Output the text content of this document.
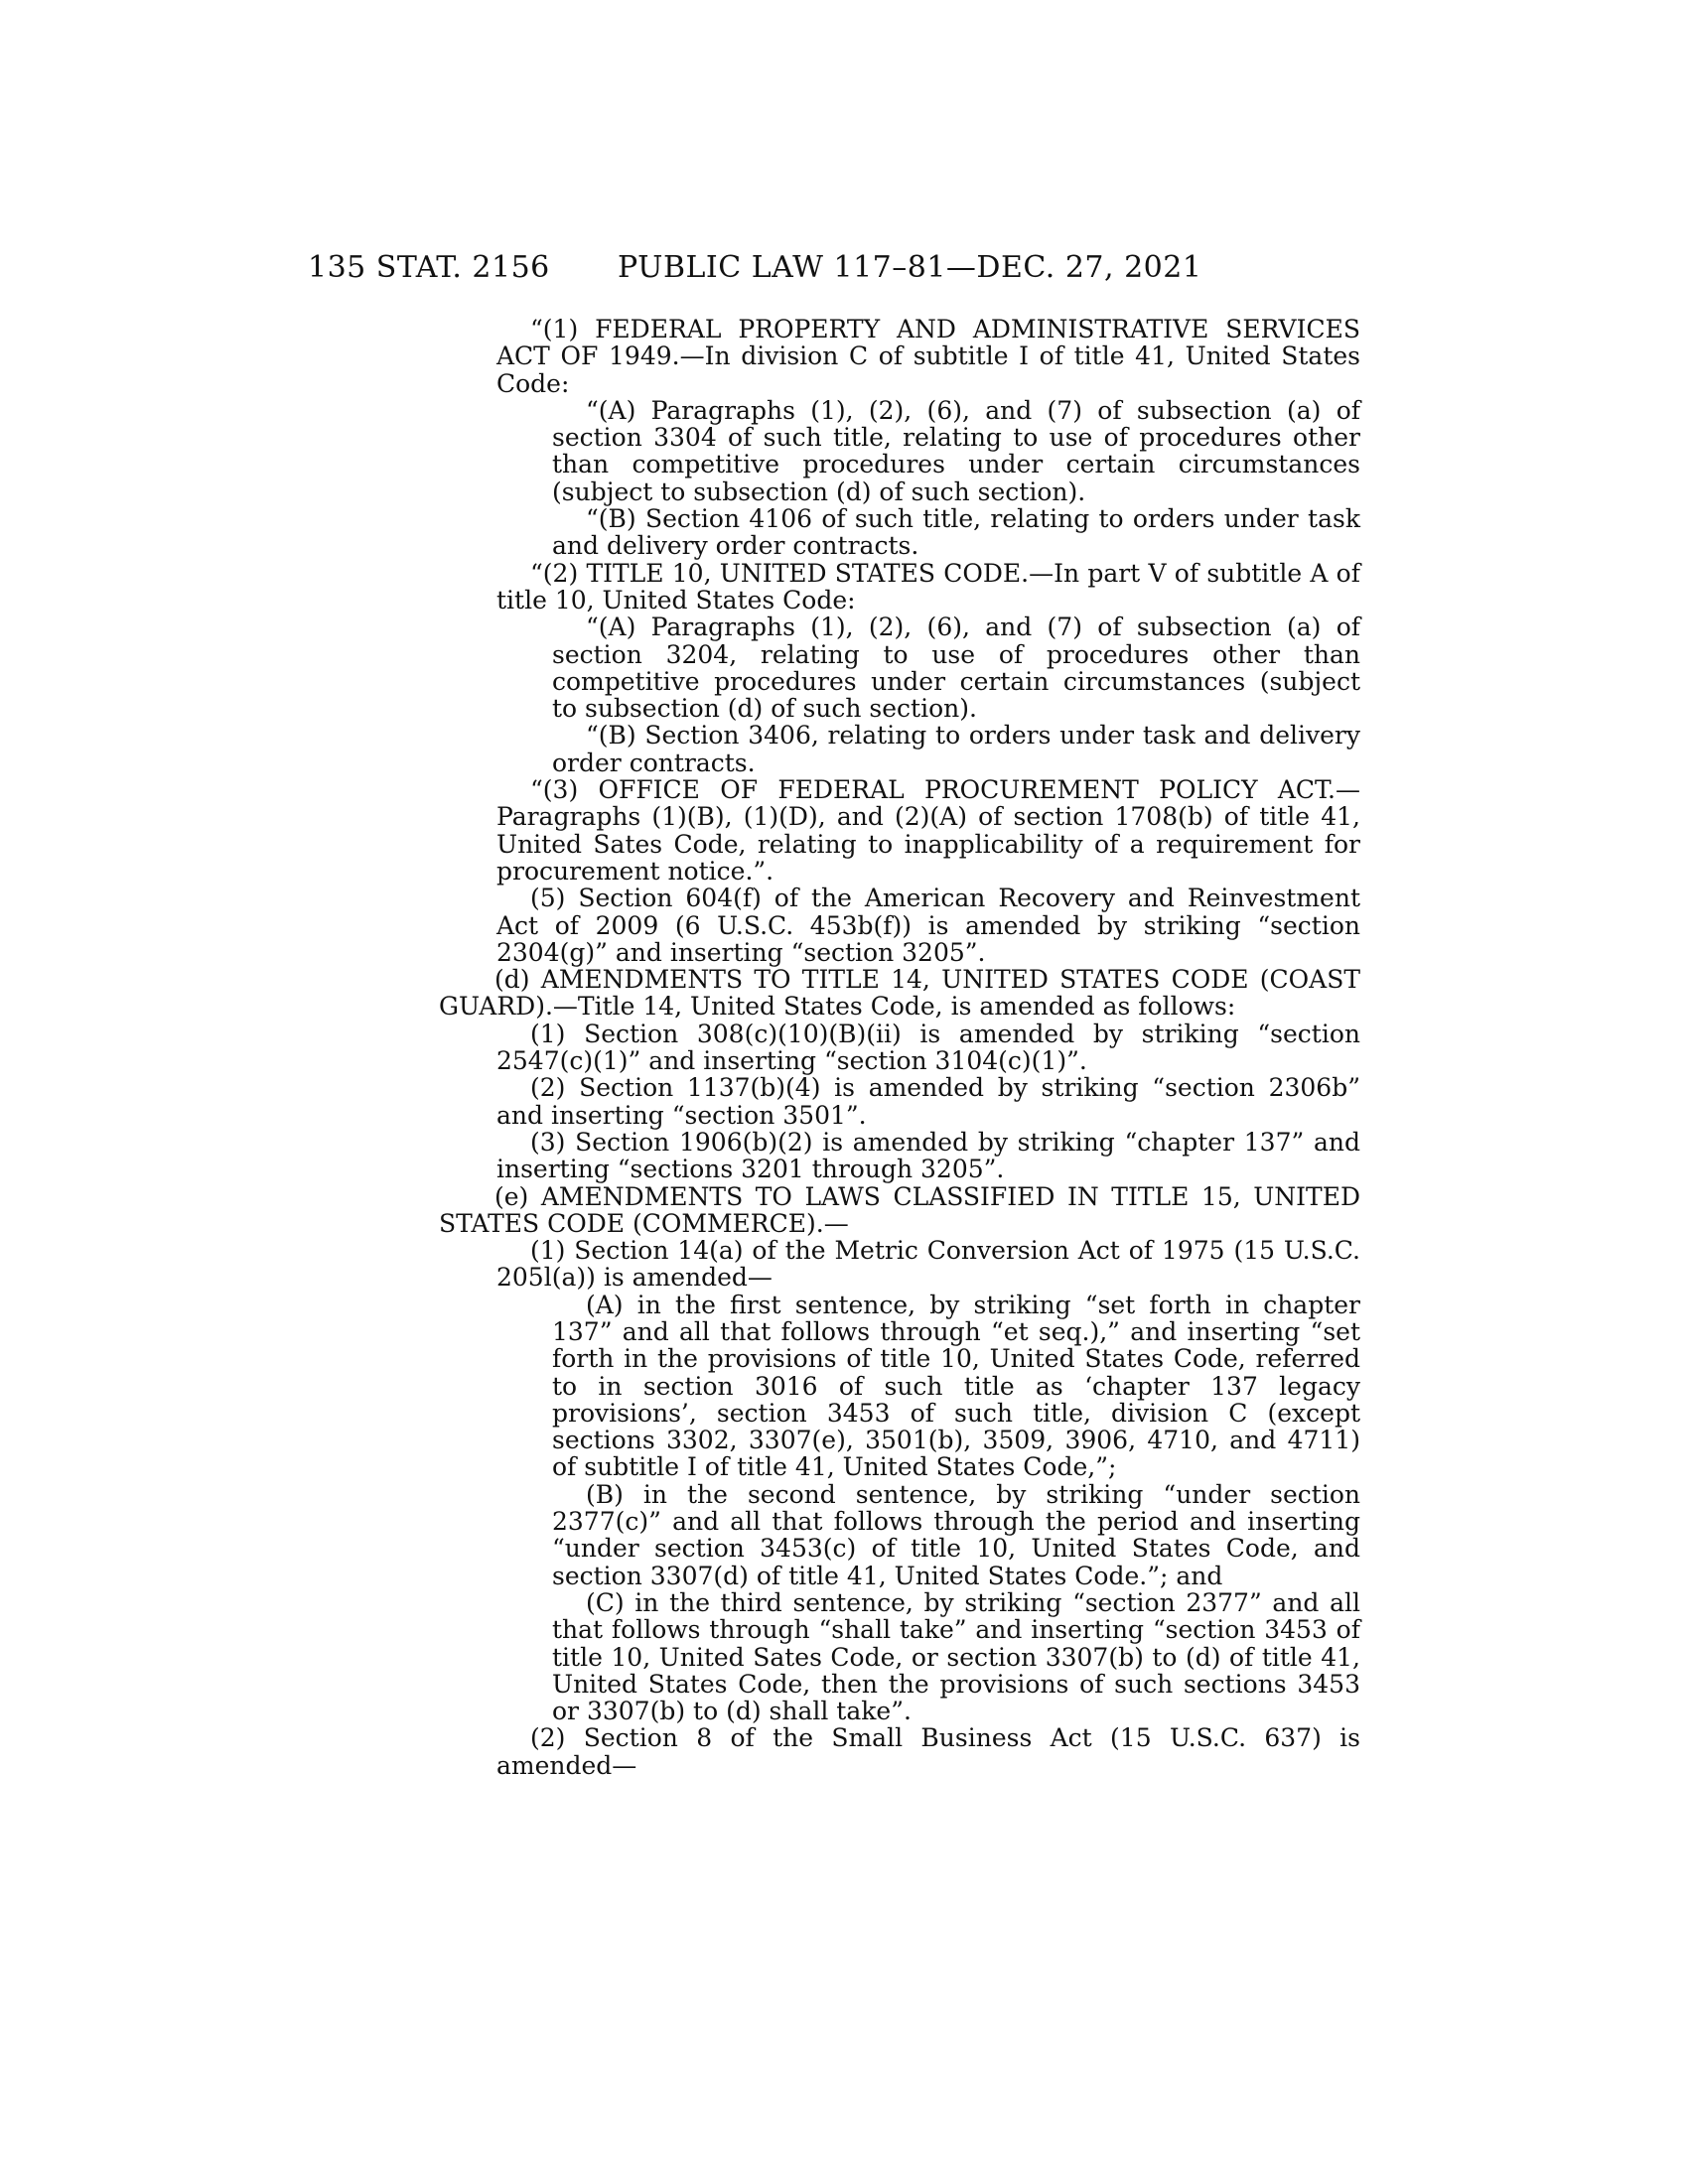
135 STAT. 2156 PUBLIC LAW 117–81—DEC. 27, 2021

“(1) FEDERAL PROPERTY AND ADMINISTRATIVE SERVICES ACT OF 1949.—In division C of subtitle I of title 41, United States Code:

“(A) Paragraphs (1), (2), (6), and (7) of subsection (a) of section 3304 of such title, relating to use of procedures other than competitive procedures under certain circumstances (subject to subsection (d) of such section).

“(B) Section 4106 of such title, relating to orders under task and delivery order contracts.

“(2) TITLE 10, UNITED STATES CODE.—In part V of subtitle A of title 10, United States Code:

“(A) Paragraphs (1), (2), (6), and (7) of subsection (a) of section 3204, relating to use of procedures other than competitive procedures under certain circumstances (subject to subsection (d) of such section).

“(B) Section 3406, relating to orders under task and delivery order contracts.

“(3) OFFICE OF FEDERAL PROCUREMENT POLICY ACT.—Paragraphs (1)(B), (1)(D), and (2)(A) of section 1708(b) of title 41, United Sates Code, relating to inapplicability of a requirement for procurement notice.”.

(5) Section 604(f) of the American Recovery and Reinvestment Act of 2009 (6 U.S.C. 453b(f)) is amended by striking “section 2304(g)” and inserting “section 3205”.

(d) AMENDMENTS TO TITLE 14, UNITED STATES CODE (COAST GUARD).—Title 14, United States Code, is amended as follows:

(1) Section 308(c)(10)(B)(ii) is amended by striking “section 2547(c)(1)” and inserting “section 3104(c)(1)”.

(2) Section 1137(b)(4) is amended by striking “section 2306b” and inserting “section 3501”.

(3) Section 1906(b)(2) is amended by striking “chapter 137” and inserting “sections 3201 through 3205”.

(e) AMENDMENTS TO LAWS CLASSIFIED IN TITLE 15, UNITED STATES CODE (COMMERCE).—

(1) Section 14(a) of the Metric Conversion Act of 1975 (15 U.S.C. 205l(a)) is amended—

(A) in the first sentence, by striking “set forth in chapter 137” and all that follows through “et seq.),” and inserting “set forth in the provisions of title 10, United States Code, referred to in section 3016 of such title as ‘chapter 137 legacy provisions’, section 3453 of such title, division C (except sections 3302, 3307(e), 3501(b), 3509, 3906, 4710, and 4711) of subtitle I of title 41, United States Code,”;

(B) in the second sentence, by striking “under section 2377(c)” and all that follows through the period and inserting “under section 3453(c) of title 10, United States Code, and section 3307(d) of title 41, United States Code.”; and

(C) in the third sentence, by striking “section 2377” and all that follows through “shall take” and inserting “section 3453 of title 10, United Sates Code, or section 3307(b) to (d) of title 41, United States Code, then the provisions of such sections 3453 or 3307(b) to (d) shall take”.

(2) Section 8 of the Small Business Act (15 U.S.C. 637) is amended—
